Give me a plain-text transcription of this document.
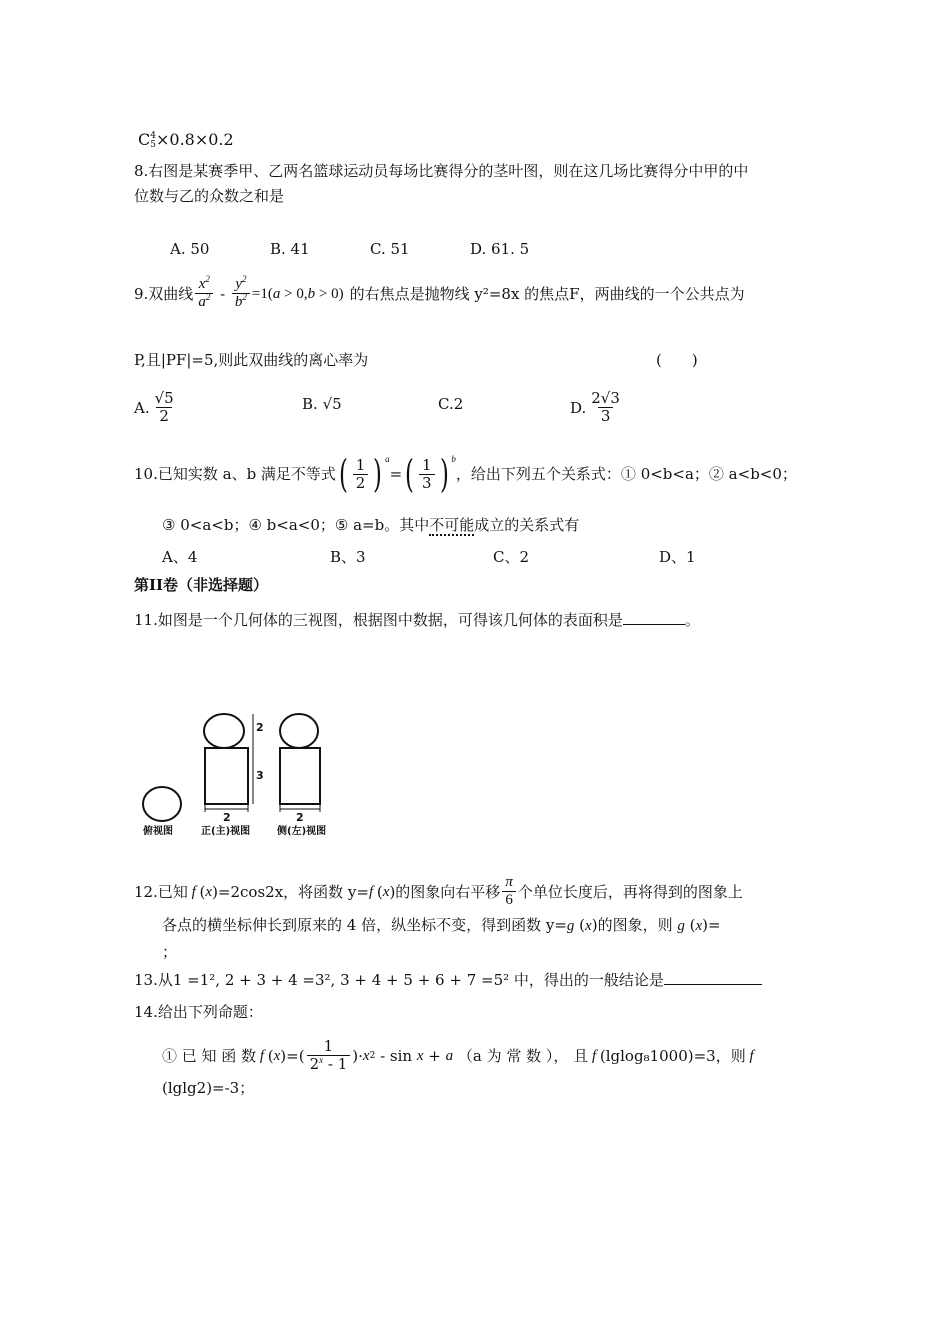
C 4
5 ×0.8×0.2
8.右图是某赛季甲、乙两名篮球运动员每场比赛得分的茎叶图，则在这几场比赛得分中甲的中
位数与乙的众数之和是
A. 50	B. 41	C. 51	D. 61. 5
9.双曲线 $\frac{x^2}{a^2} - \frac{y^2}{b^2} =1(a > 0,b > 0)$ 的右焦点是抛物线 y²=8x 的焦点F，两曲线的一个公共点为
P,且|PF|=5,则此双曲线的离心率为	(　　)
A. $\frac{√5}{2}$	B. √5	C.2	D. $\frac{2√3}{3}$
10.已知实数 a、b 满足不等式 ( $\frac{1}{2}$ ) a
= ( $\frac{1}{3}$ ) b
，给出下列五个关系式：① 0<b<a；② a<b<0；
③ 0<a<b；④ b<a<0；⑤ a=b。其中不可能成立的关系式有
A、4	B、3	C、2	D、1
第II卷（非选择题）
11.如图是一个几何体的三视图，根据图中数据，可得该几何体的表面积是	。
2
3
2	2
俯视图	正(主)视图	侧(左)视图
12.已知 f ( x ) =2cos2x，将函数 y= f ( x ) 的图象向右平移 $\frac{\pi}{6}$ 个单位长度后，再将得到的图象上
各点的横坐标伸长到原来的 4 倍，纵坐标不变，得到函数 y=g (x)的图象，则 g (x)=
；
13.从1 =1², 2 + 3 + 4 =3², 3 + 4 + 5 + 6 + 7 =5² 中，得出的一般结论是
14.给出下列命题：
① 已 知 函 数 f ( x )=( $\frac{1}{2^x - 1}$ ) · x 2 - sin x + a （ a 为 常 数 ）， 且 f (lglog₈1000)=3，则 f
(lglg2)=-3；
